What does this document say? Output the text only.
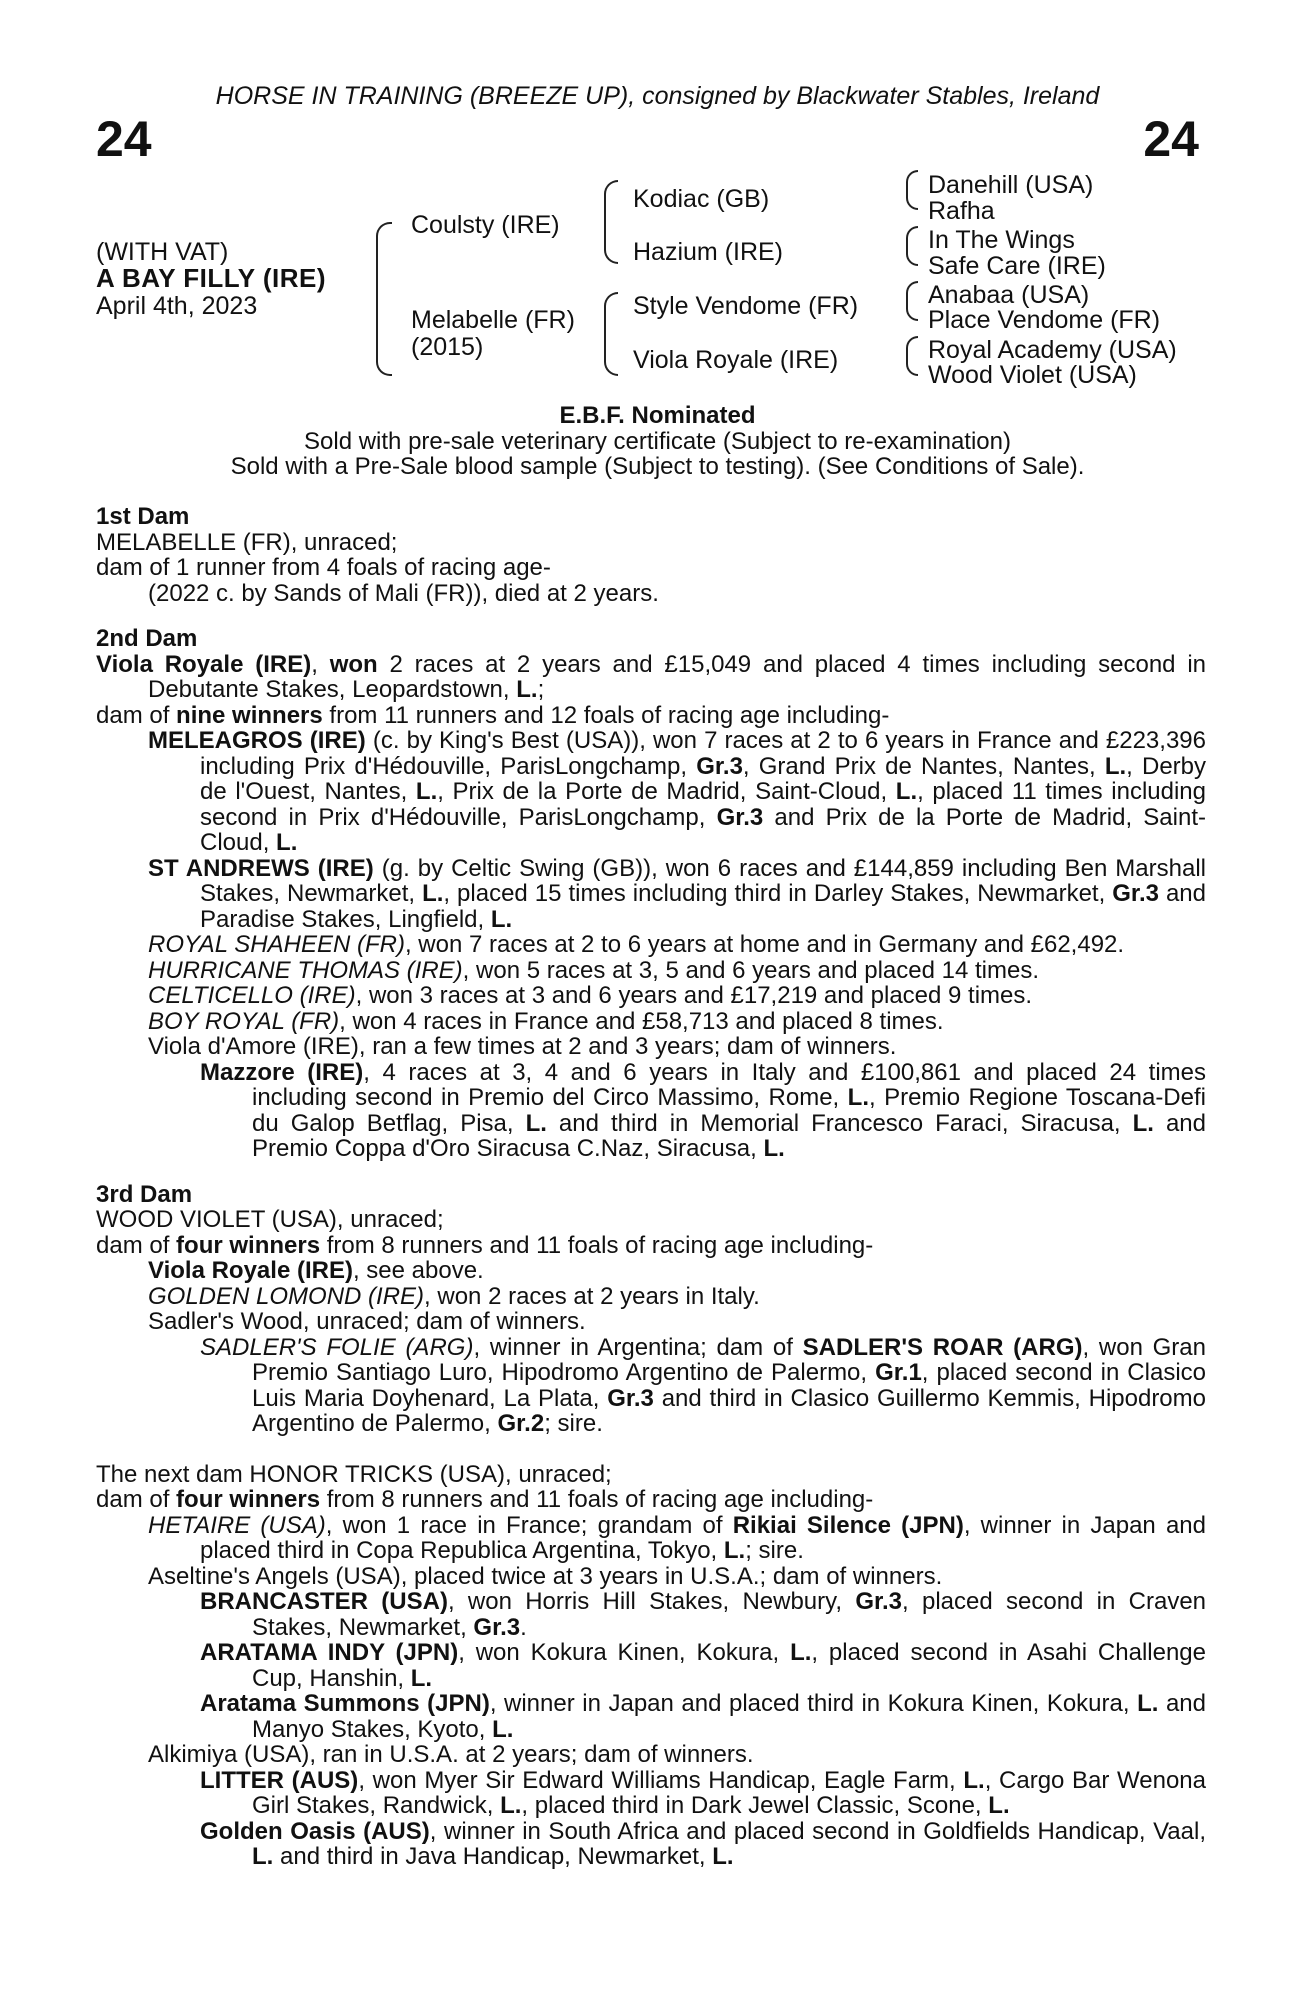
HORSE IN TRAINING (BREEZE UP), consigned by Blackwater Stables, Ireland
24	24
(WITH VAT)
A BAY FILLY (IRE)
April 4th, 2023
Coulsty (IRE)
Melabelle (FR)
(2015)
Kodiac (GB)
Hazium (IRE)
Style Vendome (FR)
Viola Royale (IRE)
Danehill (USA)
Rafha
In The Wings
Safe Care (IRE)
Anabaa (USA)
Place Vendome (FR)
Royal Academy (USA)
Wood Violet (USA)
E.B.F. Nominated
Sold with pre-sale veterinary certificate (Subject to re-examination)
Sold with a Pre-Sale blood sample (Subject to testing). (See Conditions of Sale).
1st Dam
MELABELLE (FR), unraced;
dam of 1 runner from 4 foals of racing age-
(2022 c. by Sands of Mali (FR)), died at 2 years.
2nd Dam
Viola Royale (IRE), won 2 races at 2 years and £15,049 and placed 4 times including second in Debutante Stakes, Leopardstown, L.;
dam of nine winners from 11 runners and 12 foals of racing age including-
MELEAGROS (IRE) (c. by King's Best (USA)), won 7 races at 2 to 6 years in France and £223,396 including Prix d'Hédouville, ParisLongchamp, Gr.3, Grand Prix de Nantes, Nantes, L., Derby de l'Ouest, Nantes, L., Prix de la Porte de Madrid, Saint-Cloud, L., placed 11 times including second in Prix d'Hédouville, ParisLongchamp, Gr.3 and Prix de la Porte de Madrid, Saint-Cloud, L.
ST ANDREWS (IRE) (g. by Celtic Swing (GB)), won 6 races and £144,859 including Ben Marshall Stakes, Newmarket, L., placed 15 times including third in Darley Stakes, Newmarket, Gr.3 and Paradise Stakes, Lingfield, L.
ROYAL SHAHEEN (FR), won 7 races at 2 to 6 years at home and in Germany and £62,492.
HURRICANE THOMAS (IRE), won 5 races at 3, 5 and 6 years and placed 14 times.
CELTICELLO (IRE), won 3 races at 3 and 6 years and £17,219 and placed 9 times.
BOY ROYAL (FR), won 4 races in France and £58,713 and placed 8 times.
Viola d'Amore (IRE), ran a few times at 2 and 3 years; dam of winners.
Mazzore (IRE), 4 races at 3, 4 and 6 years in Italy and £100,861 and placed 24 times including second in Premio del Circo Massimo, Rome, L., Premio Regione Toscana-Defi du Galop Betflag, Pisa, L. and third in Memorial Francesco Faraci, Siracusa, L. and Premio Coppa d'Oro Siracusa C.Naz, Siracusa, L.
3rd Dam
WOOD VIOLET (USA), unraced;
dam of four winners from 8 runners and 11 foals of racing age including-
Viola Royale (IRE), see above.
GOLDEN LOMOND (IRE), won 2 races at 2 years in Italy.
Sadler's Wood, unraced; dam of winners.
SADLER'S FOLIE (ARG), winner in Argentina; dam of SADLER'S ROAR (ARG), won Gran Premio Santiago Luro, Hipodromo Argentino de Palermo, Gr.1, placed second in Clasico Luis Maria Doyhenard, La Plata, Gr.3 and third in Clasico Guillermo Kemmis, Hipodromo Argentino de Palermo, Gr.2; sire.
The next dam HONOR TRICKS (USA), unraced;
dam of four winners from 8 runners and 11 foals of racing age including-
HETAIRE (USA), won 1 race in France; grandam of Rikiai Silence (JPN), winner in Japan and placed third in Copa Republica Argentina, Tokyo, L.; sire.
Aseltine's Angels (USA), placed twice at 3 years in U.S.A.; dam of winners.
BRANCASTER (USA), won Horris Hill Stakes, Newbury, Gr.3, placed second in Craven Stakes, Newmarket, Gr.3.
ARATAMA INDY (JPN), won Kokura Kinen, Kokura, L., placed second in Asahi Challenge Cup, Hanshin, L.
Aratama Summons (JPN), winner in Japan and placed third in Kokura Kinen, Kokura, L. and Manyo Stakes, Kyoto, L.
Alkimiya (USA), ran in U.S.A. at 2 years; dam of winners.
LITTER (AUS), won Myer Sir Edward Williams Handicap, Eagle Farm, L., Cargo Bar Wenona Girl Stakes, Randwick, L., placed third in Dark Jewel Classic, Scone, L.
Golden Oasis (AUS), winner in South Africa and placed second in Goldfields Handicap, Vaal, L. and third in Java Handicap, Newmarket, L.
